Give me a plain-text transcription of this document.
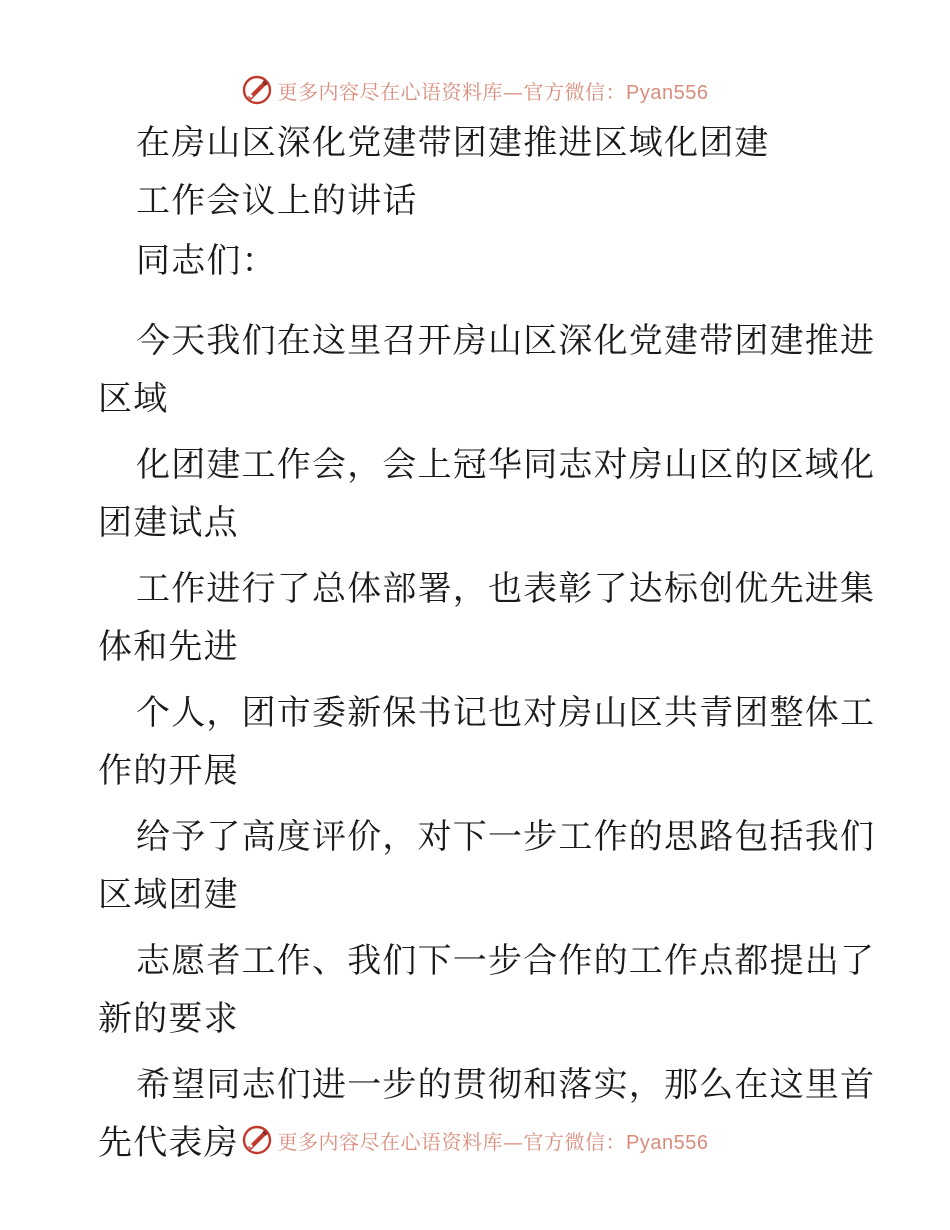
更多内容尽在心语资料库—官方微信：Pyan556
在房山区深化党建带团建推进区域化团建
工作会议上的讲话
同志们：
今天我们在这里召开房山区深化党建带团建推进
区域
化团建工作会，会上冠华同志对房山区的区域化
团建试点
工作进行了总体部署，也表彰了达标创优先进集
体和先进
个人，团市委新保书记也对房山区共青团整体工
作的开展
给予了高度评价，对下一步工作的思路包括我们
区域团建
志愿者工作、我们下一步合作的工作点都提出了
新的要求
希望同志们进一步的贯彻和落实，那么在这里首
先代表房	更多内容尽在心语资料库—官方微信：Pyan556
